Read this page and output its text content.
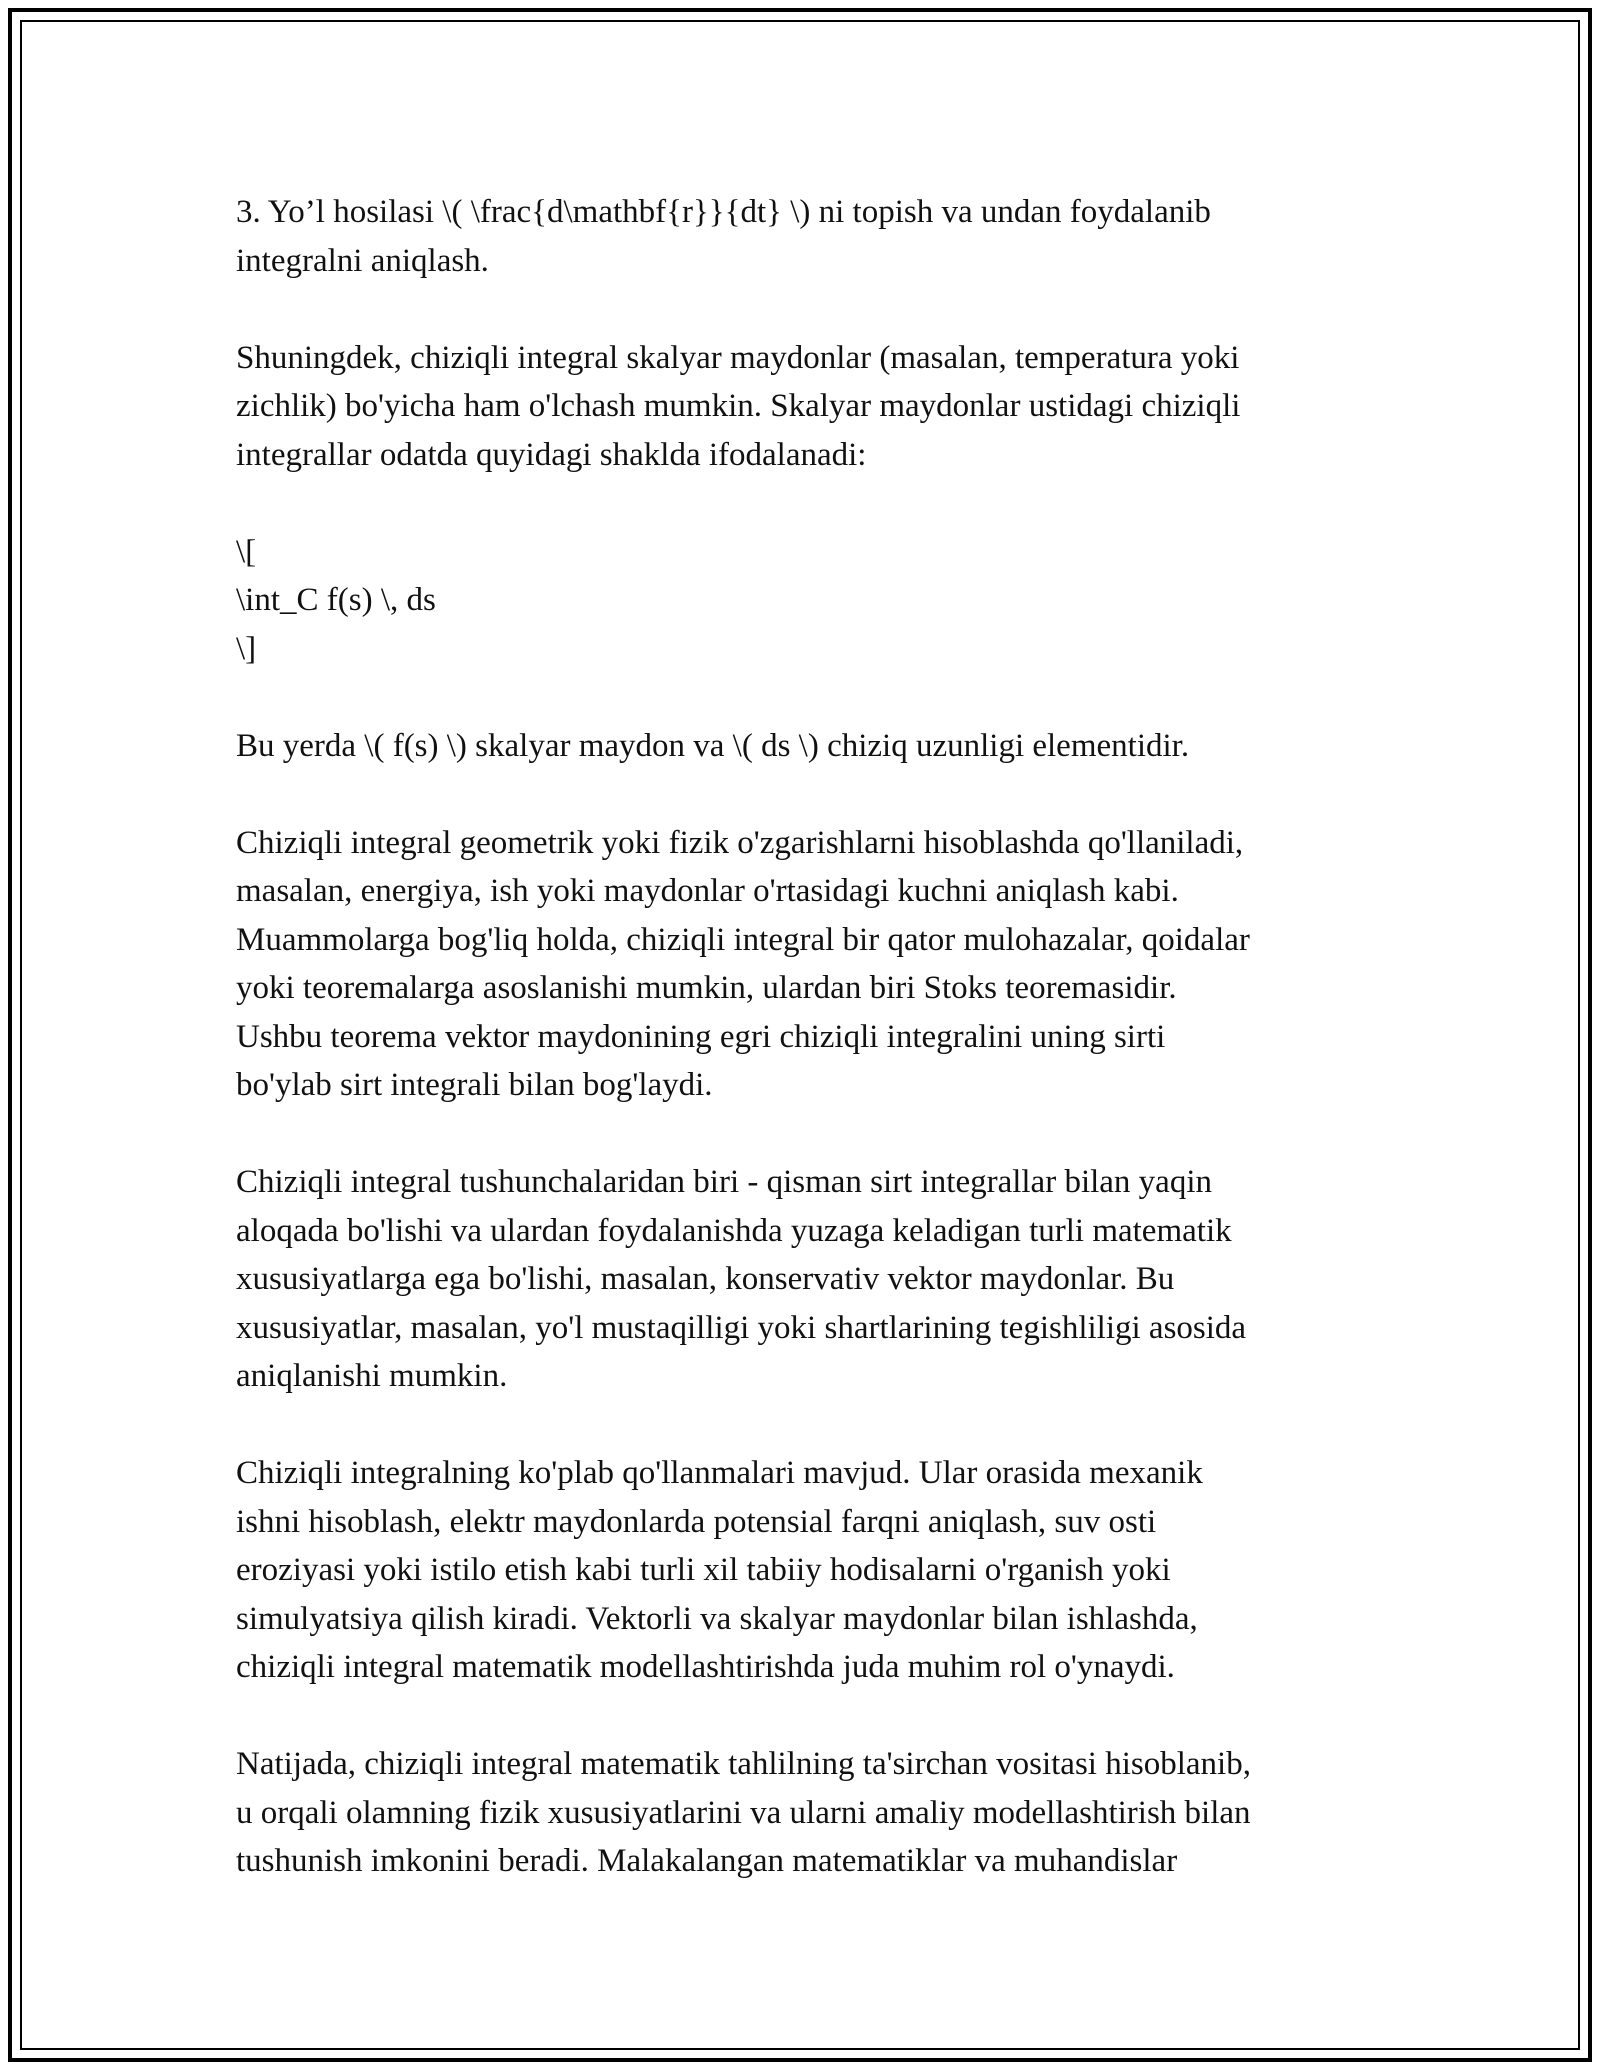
3. Yo’l hosilasi \( \frac{d\mathbf{r}}{dt} \) ni topish va undan foydalanib
integralni aniqlash.

Shuningdek, chiziqli integral skalyar maydonlar (masalan, temperatura yoki
zichlik) bo'yicha ham o'lchash mumkin. Skalyar maydonlar ustidagi chiziqli
integrallar odatda quyidagi shaklda ifodalanadi:

\[
\int_C f(s) \, ds
\]

Bu yerda \( f(s) \) skalyar maydon va \( ds \) chiziq uzunligi elementidir.

Chiziqli integral geometrik yoki fizik o'zgarishlarni hisoblashda qo'llaniladi,
masalan, energiya, ish yoki maydonlar o'rtasidagi kuchni aniqlash kabi.
Muammolarga bog'liq holda, chiziqli integral bir qator mulohazalar, qoidalar
yoki teoremalarga asoslanishi mumkin, ulardan biri Stoks teoremasidir.
Ushbu teorema vektor maydonining egri chiziqli integralini uning sirti
bo'ylab sirt integrali bilan bog'laydi.

Chiziqli integral tushunchalaridan biri - qisman sirt integrallar bilan yaqin
aloqada bo'lishi va ulardan foydalanishda yuzaga keladigan turli matematik
xususiyatlarga ega bo'lishi, masalan, konservativ vektor maydonlar. Bu
xususiyatlar, masalan, yo'l mustaqilligi yoki shartlarining tegishliligi asosida
aniqlanishi mumkin.

Chiziqli integralning ko'plab qo'llanmalari mavjud. Ular orasida mexanik
ishni hisoblash, elektr maydonlarda potensial farqni aniqlash, suv osti
eroziyasi yoki istilo etish kabi turli xil tabiiy hodisalarni o'rganish yoki
simulyatsiya qilish kiradi. Vektorli va skalyar maydonlar bilan ishlashda,
chiziqli integral matematik modellashtirishda juda muhim rol o'ynaydi.

Natijada, chiziqli integral matematik tahlilning ta'sirchan vositasi hisoblanib,
u orqali olamning fizik xususiyatlarini va ularni amaliy modellashtirish bilan
tushunish imkonini beradi. Malakalangan matematiklar va muhandislar
